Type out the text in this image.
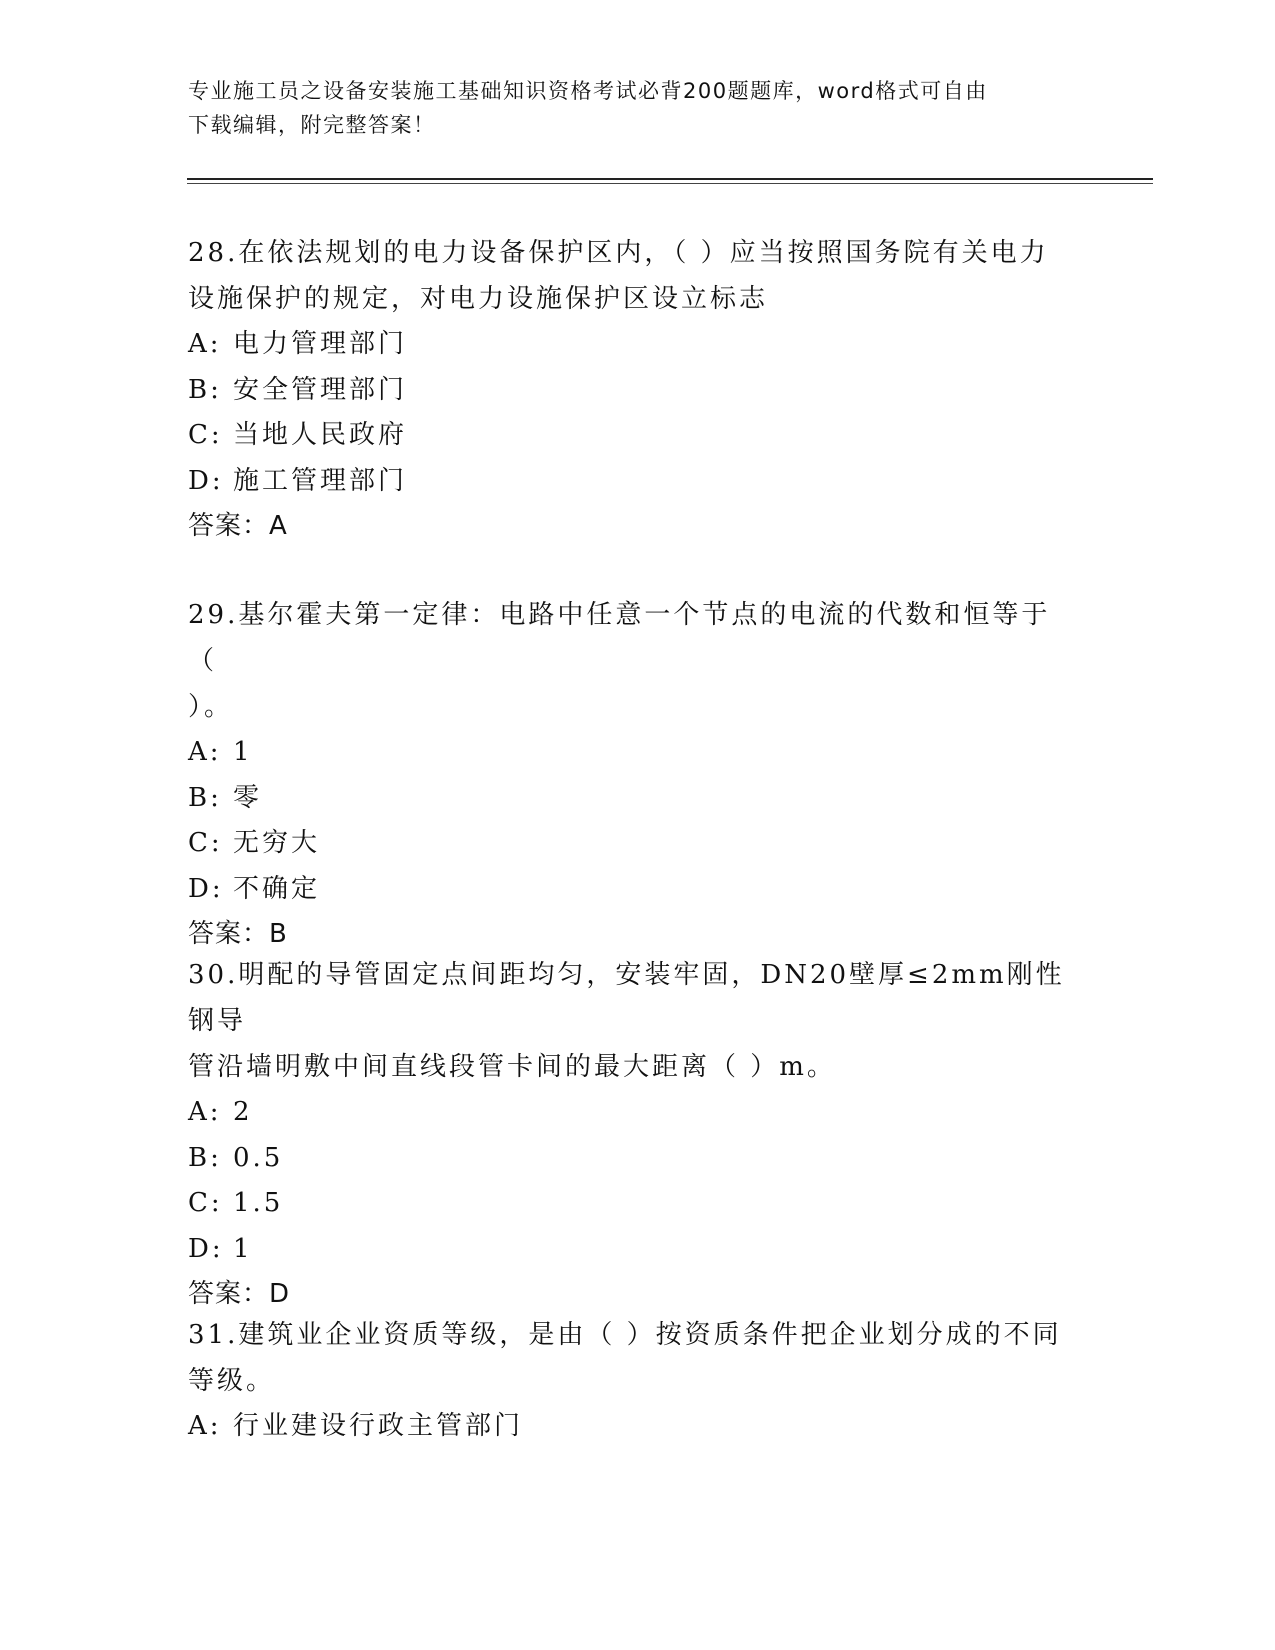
专业施工员之设备安装施工基础知识资格考试必背200题题库，word格式可自由
下载编辑，附完整答案！

28.在依法规划的电力设备保护区内，（ ）应当按照国务院有关电力

设施保护的规定，对电力设施保护区设立标志

A: 电力管理部门

B: 安全管理部门

C: 当地人民政府

D: 施工管理部门

答案：A

29.基尔霍夫第一定律：电路中任意一个节点的电流的代数和恒等于（

）。

A: 1

B: 零

C: 无穷大

D: 不确定

答案：B

30.明配的导管固定点间距均匀，安装牢固，DN20壁厚≤2mm刚性钢导

管沿墙明敷中间直线段管卡间的最大距离（ ）m。

A: 2

B: 0.5

C: 1.5

D: 1

答案：D

31.建筑业企业资质等级，是由（ ）按资质条件把企业划分成的不同

等级。

A: 行业建设行政主管部门
